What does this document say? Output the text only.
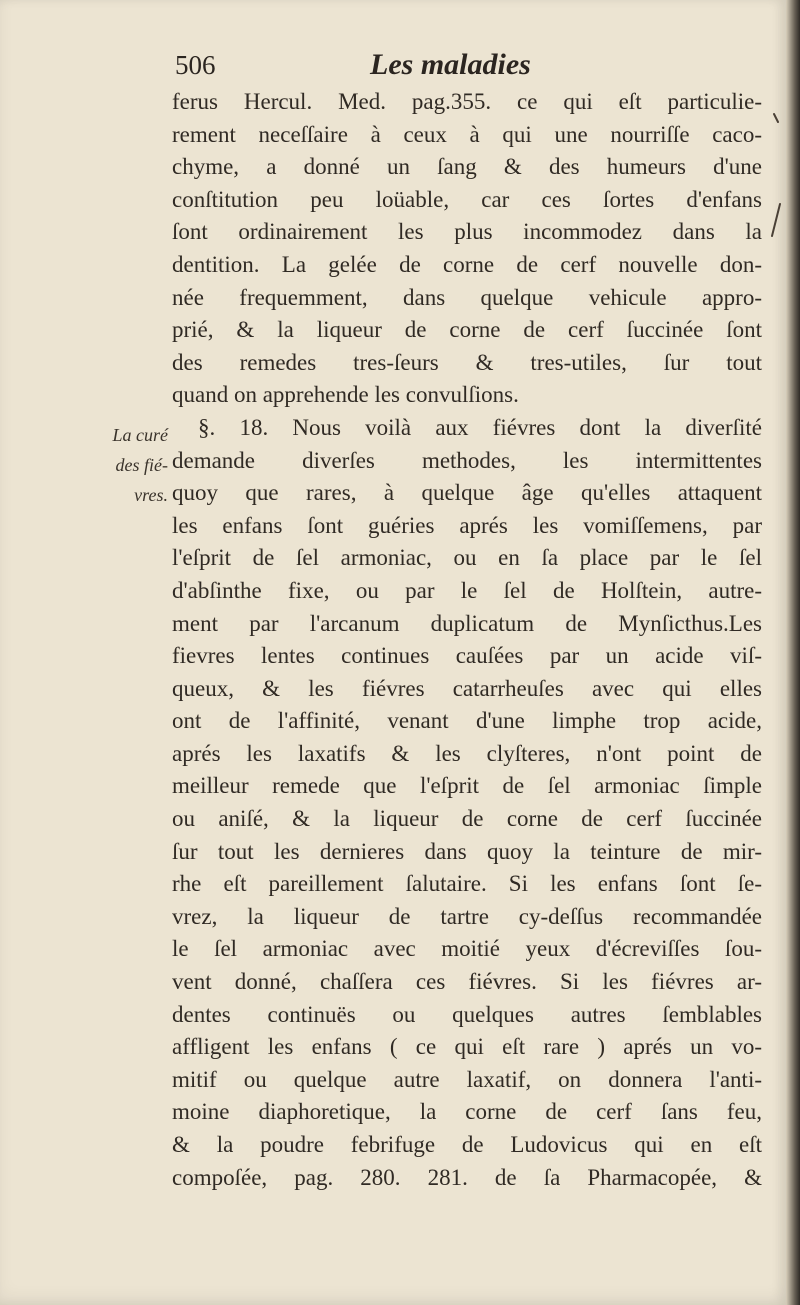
506	Les maladies
La curé
des fié-
vres.
ferus Hercul. Med. pag.355. ce qui eſt particulie-
rement neceſſaire à ceux à qui une nourriſſe caco-
chyme, a donné un ſang & des humeurs d'une
conſtitution peu loüable, car ces ſortes d'enfans
ſont ordinairement les plus incommodez dans la
dentition. La gelée de corne de cerf nouvelle don-
née frequemment, dans quelque vehicule appro-
prié, & la liqueur de corne de cerf ſuccinée ſont
des remedes tres-ſeurs & tres-utiles, ſur tout
quand on apprehende les convulſions.
§. 18. Nous voilà aux fiévres dont la diverſité
demande diverſes methodes, les intermittentes
quoy que rares, à quelque âge qu'elles attaquent
les enfans ſont guéries aprés les vomiſſemens, par
l'eſprit de ſel armoniac, ou en ſa place par le ſel
d'abſinthe fixe, ou par le ſel de Holſtein, autre-
ment par l'arcanum duplicatum de Mynſicthus.Les
fievres lentes continues cauſées par un acide viſ-
queux, & les fiévres catarrheuſes avec qui elles
ont de l'affinité, venant d'une limphe trop acide,
aprés les laxatifs & les clyſteres, n'ont point de
meilleur remede que l'eſprit de ſel armoniac ſimple
ou aniſé, & la liqueur de corne de cerf ſuccinée
ſur tout les dernieres dans quoy la teinture de mir-
rhe eſt pareillement ſalutaire. Si les enfans ſont ſe-
vrez, la liqueur de tartre cy-deſſus recommandée
le ſel armoniac avec moitié yeux d'écreviſſes ſou-
vent donné, chaſſera ces fiévres. Si les fiévres ar-
dentes continuës ou quelques autres ſemblables
affligent les enfans ( ce qui eſt rare ) aprés un vo-
mitif ou quelque autre laxatif, on donnera l'anti-
moine diaphoretique, la corne de cerf ſans feu,
& la poudre febrifuge de Ludovicus qui en eſt
compoſée, pag. 280. 281. de ſa Pharmacopée, &
